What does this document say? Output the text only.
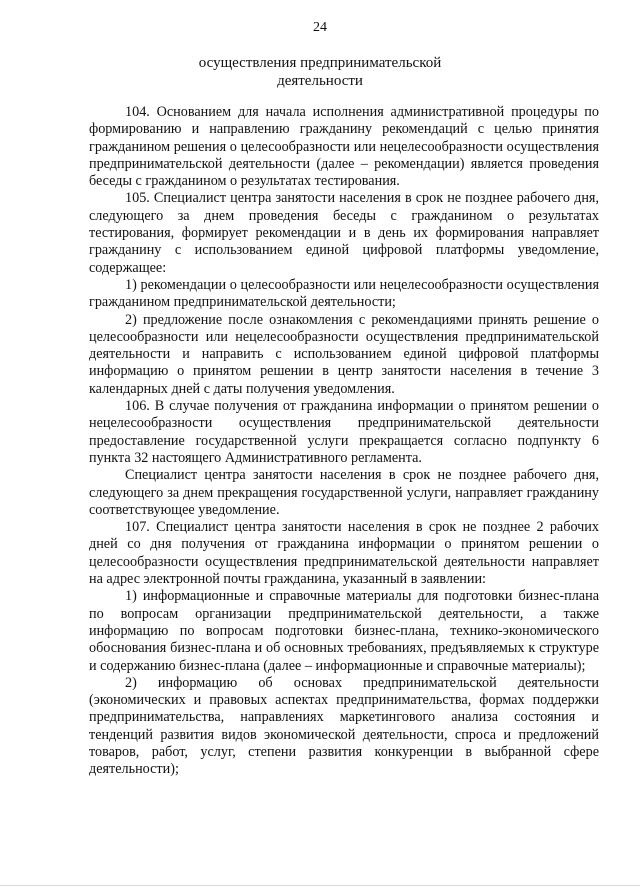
24
осуществления предпринимательской
деятельности

104. Основанием для начала исполнения административной процедуры по формированию и направлению гражданину рекомендаций с целью принятия гражданином решения о целесообразности или нецелесообразности осуществления предпринимательской деятельности (далее – рекомендации) является проведения беседы с гражданином о результатах тестирования.

105. Специалист центра занятости населения в срок не позднее рабочего дня, следующего за днем проведения беседы с гражданином о результатах тестирования, формирует рекомендации и в день их формирования направляет гражданину с использованием единой цифровой платформы уведомление, содержащее:

1) рекомендации о целесообразности или нецелесообразности осуществления гражданином предпринимательской деятельности;

2) предложение после ознакомления с рекомендациями принять решение о целесообразности или нецелесообразности осуществления предпринимательской деятельности и направить с использованием единой цифровой платформы информацию о принятом решении в центр занятости населения в течение 3 календарных дней с даты получения уведомления.

106. В случае получения от гражданина информации о принятом решении о нецелесообразности осуществления предпринимательской деятельности предоставление государственной услуги прекращается согласно подпункту 6 пункта 32 настоящего Административного регламента.

Специалист центра занятости населения в срок не позднее рабочего дня, следующего за днем прекращения государственной услуги, направляет гражданину соответствующее уведомление.

107. Специалист центра занятости населения в срок не позднее 2 рабочих дней со дня получения от гражданина информации о принятом решении о целесообразности осуществления предпринимательской деятельности направляет на адрес электронной почты гражданина, указанный в заявлении:

1) информационные и справочные материалы для подготовки бизнес-плана по вопросам организации предпринимательской деятельности, а также информацию по вопросам подготовки бизнес-плана, технико-экономического обоснования бизнес-плана и об основных требованиях, предъявляемых к структуре и содержанию бизнес-плана (далее – информационные и справочные материалы);

2) информацию об основах предпринимательской деятельности (экономических и правовых аспектах предпринимательства, формах поддержки предпринимательства, направлениях маркетингового анализа состояния и тенденций развития видов экономической деятельности, спроса и предложений товаров, работ, услуг, степени развития конкуренции в выбранной сфере деятельности);
